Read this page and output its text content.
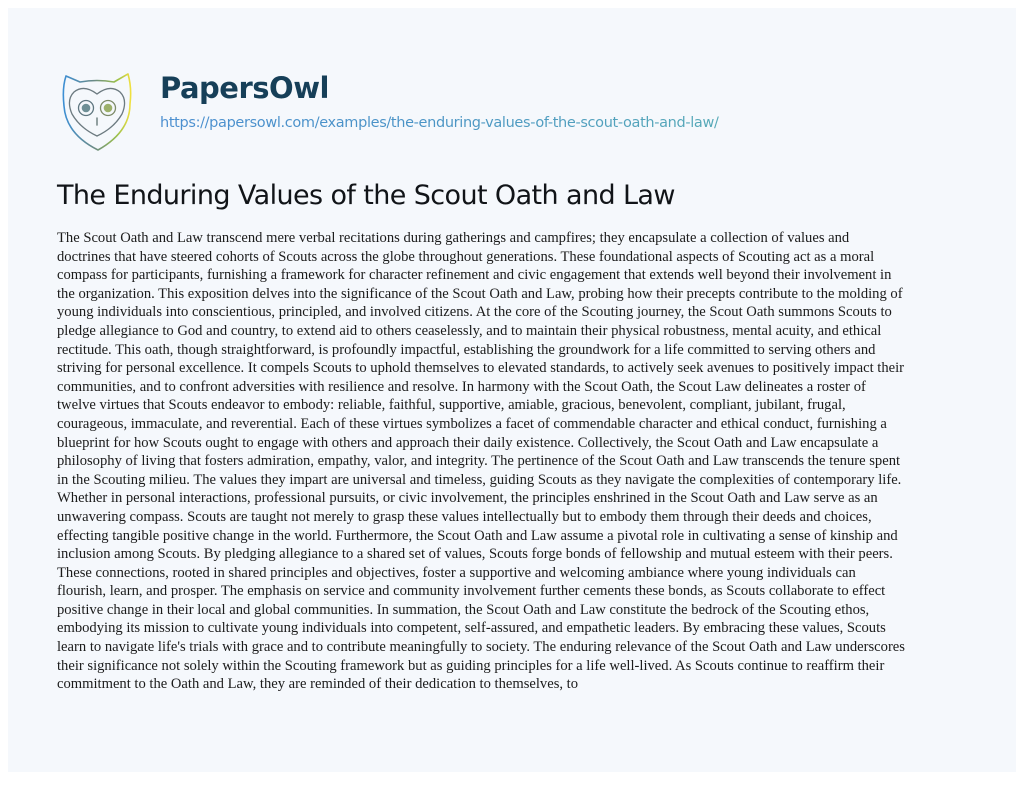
PapersOwl
https://papersowl.com/examples/the-enduring-values-of-the-scout-oath-and-law/
The Enduring Values of the Scout Oath and Law
The Scout Oath and Law transcend mere verbal recitations during gatherings and campfires; they encapsulate a collection of values and
doctrines that have steered cohorts of Scouts across the globe throughout generations. These foundational aspects of Scouting act as a moral
compass for participants, furnishing a framework for character refinement and civic engagement that extends well beyond their involvement in
the organization. This exposition delves into the significance of the Scout Oath and Law, probing how their precepts contribute to the molding of
young individuals into conscientious, principled, and involved citizens. At the core of the Scouting journey, the Scout Oath summons Scouts to
pledge allegiance to God and country, to extend aid to others ceaselessly, and to maintain their physical robustness, mental acuity, and ethical
rectitude. This oath, though straightforward, is profoundly impactful, establishing the groundwork for a life committed to serving others and
striving for personal excellence. It compels Scouts to uphold themselves to elevated standards, to actively seek avenues to positively impact their
communities, and to confront adversities with resilience and resolve. In harmony with the Scout Oath, the Scout Law delineates a roster of
twelve virtues that Scouts endeavor to embody: reliable, faithful, supportive, amiable, gracious, benevolent, compliant, jubilant, frugal,
courageous, immaculate, and reverential. Each of these virtues symbolizes a facet of commendable character and ethical conduct, furnishing a
blueprint for how Scouts ought to engage with others and approach their daily existence. Collectively, the Scout Oath and Law encapsulate a
philosophy of living that fosters admiration, empathy, valor, and integrity. The pertinence of the Scout Oath and Law transcends the tenure spent
in the Scouting milieu. The values they impart are universal and timeless, guiding Scouts as they navigate the complexities of contemporary life.
Whether in personal interactions, professional pursuits, or civic involvement, the principles enshrined in the Scout Oath and Law serve as an
unwavering compass. Scouts are taught not merely to grasp these values intellectually but to embody them through their deeds and choices,
effecting tangible positive change in the world. Furthermore, the Scout Oath and Law assume a pivotal role in cultivating a sense of kinship and
inclusion among Scouts. By pledging allegiance to a shared set of values, Scouts forge bonds of fellowship and mutual esteem with their peers.
These connections, rooted in shared principles and objectives, foster a supportive and welcoming ambiance where young individuals can
flourish, learn, and prosper. The emphasis on service and community involvement further cements these bonds, as Scouts collaborate to effect
positive change in their local and global communities. In summation, the Scout Oath and Law constitute the bedrock of the Scouting ethos,
embodying its mission to cultivate young individuals into competent, self-assured, and empathetic leaders. By embracing these values, Scouts
learn to navigate life's trials with grace and to contribute meaningfully to society. The enduring relevance of the Scout Oath and Law underscores
their significance not solely within the Scouting framework but as guiding principles for a life well-lived. As Scouts continue to reaffirm their
commitment to the Oath and Law, they are reminded of their dedication to themselves, to
